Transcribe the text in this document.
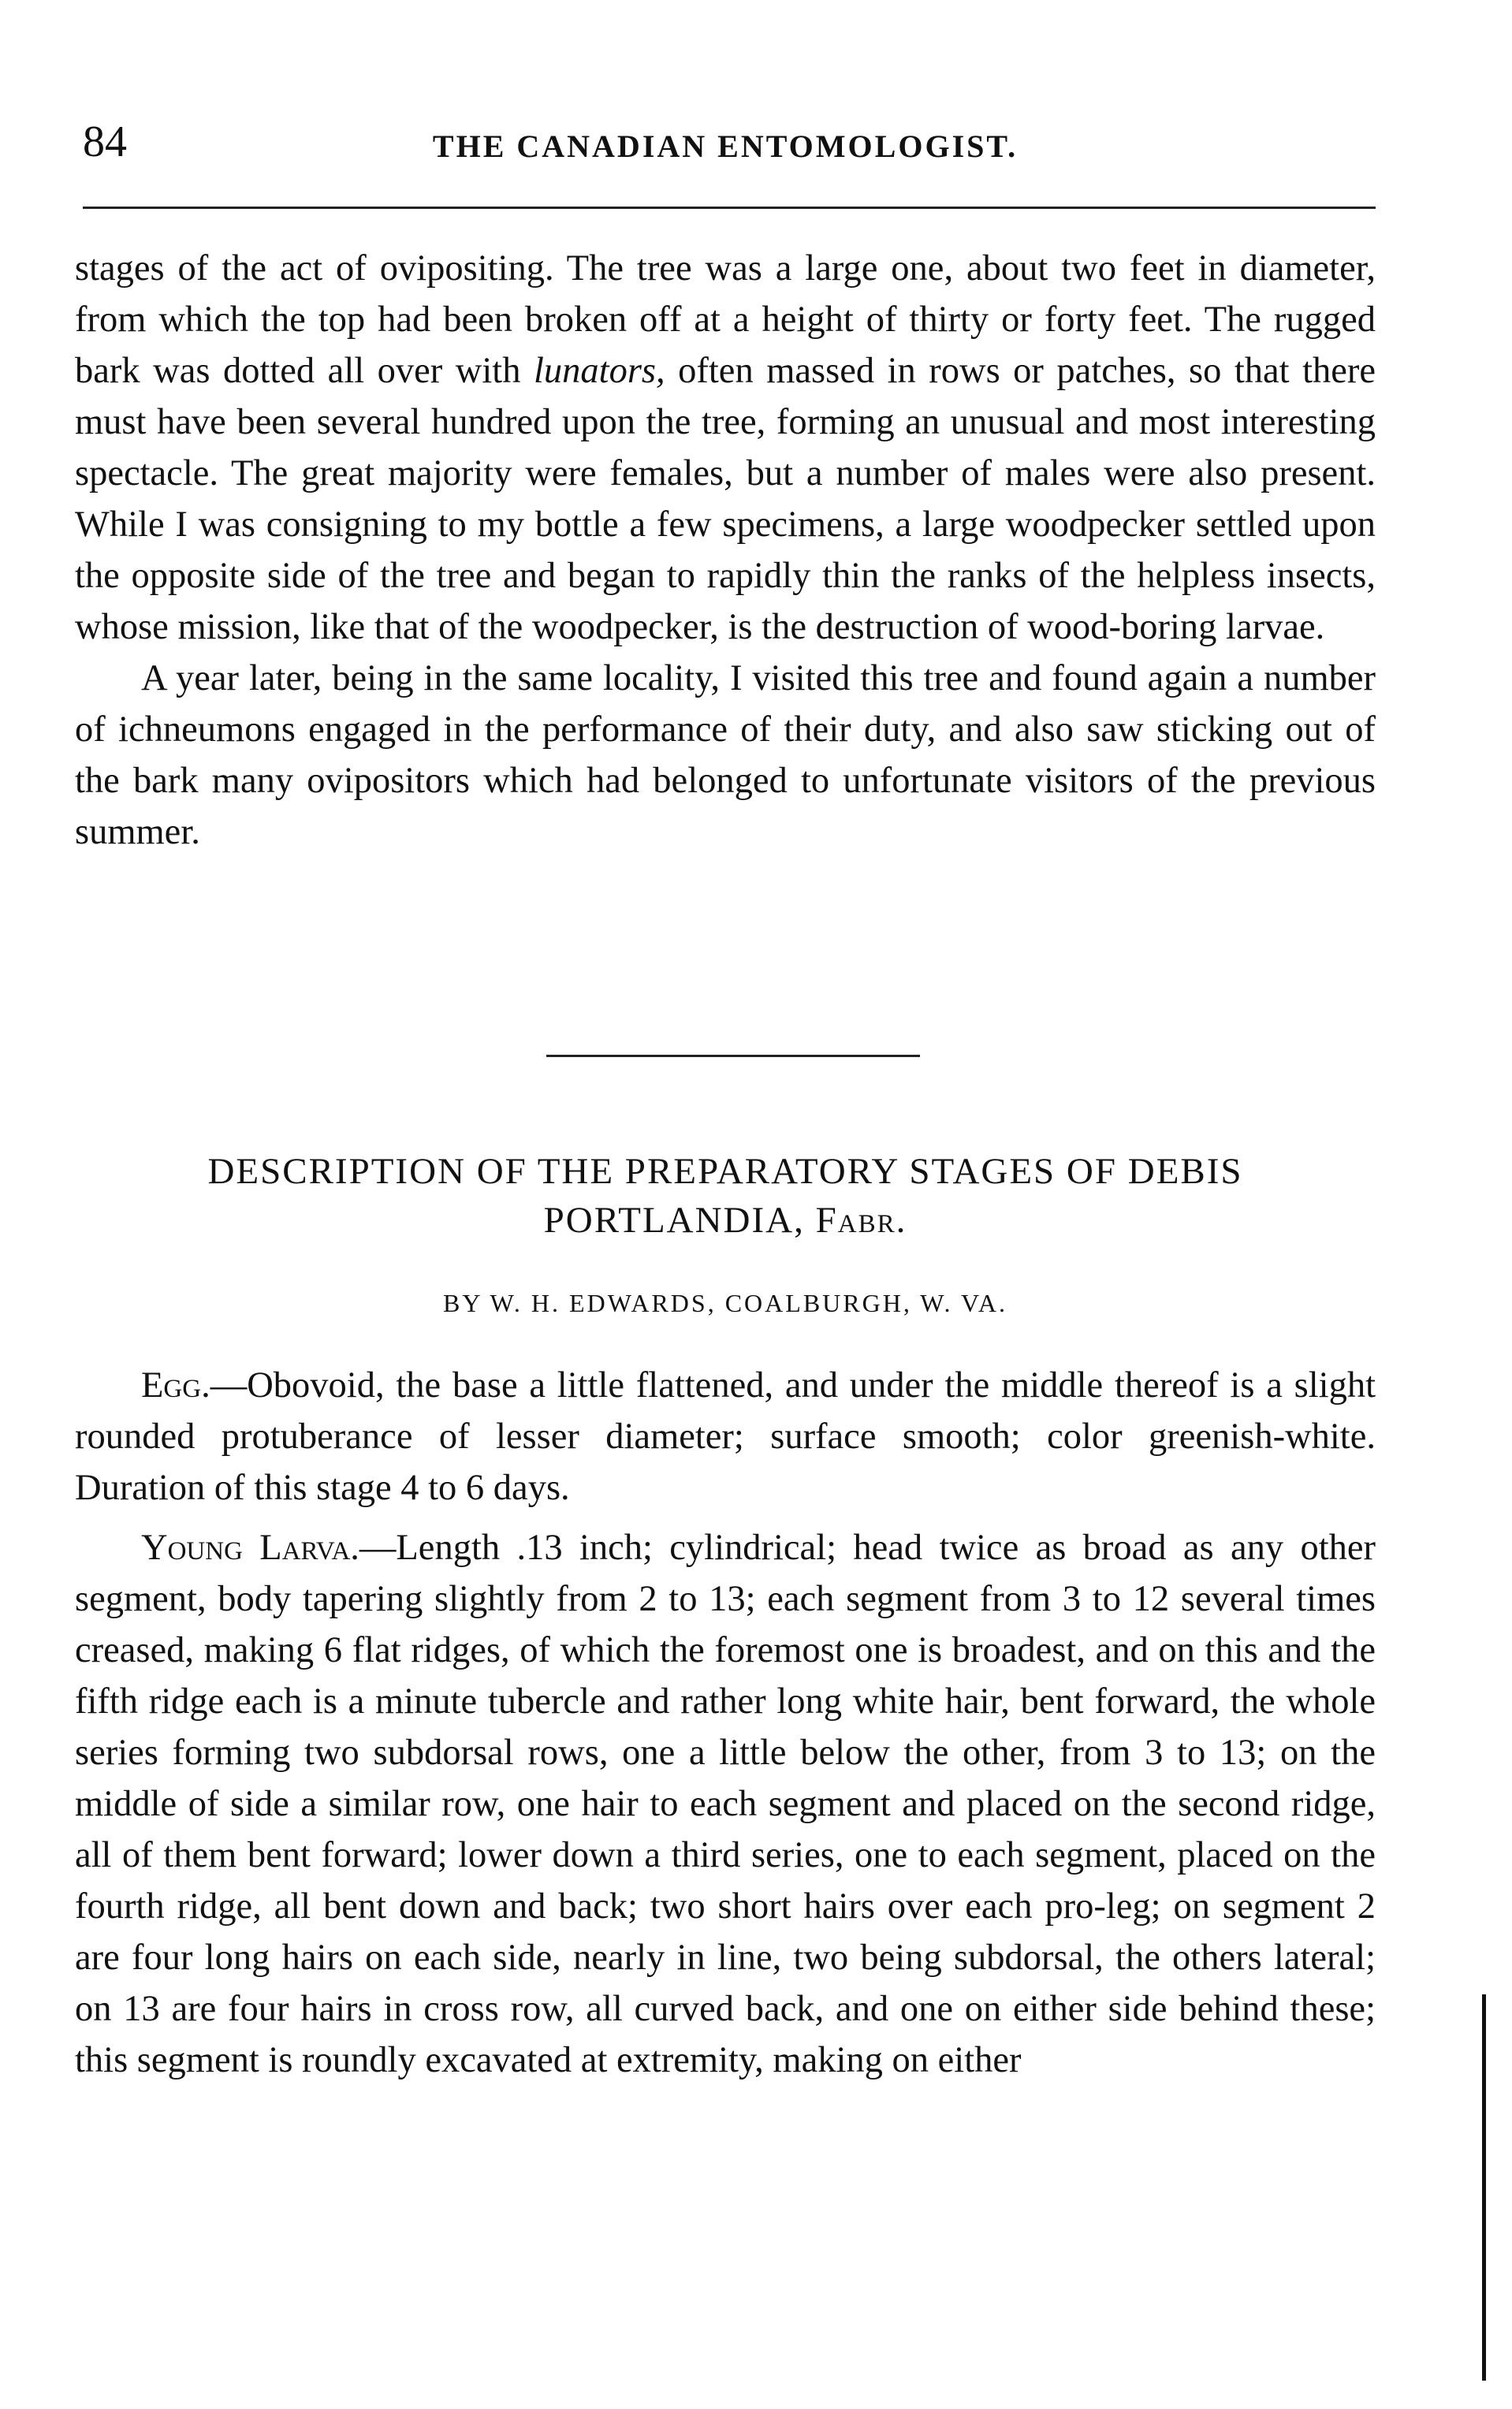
84	THE CANADIAN ENTOMOLOGIST.

stages of the act of ovipositing. The tree was a large one, about two feet in diameter, from which the top had been broken off at a height of thirty or forty feet. The rugged bark was dotted all over with lunators, often massed in rows or patches, so that there must have been several hundred upon the tree, forming an unusual and most interesting spectacle. The great majority were females, but a number of males were also present. While I was consigning to my bottle a few specimens, a large woodpecker settled upon the opposite side of the tree and began to rapidly thin the ranks of the helpless insects, whose mission, like that of the woodpecker, is the destruction of wood-boring larvae.

A year later, being in the same locality, I visited this tree and found again a number of ichneumons engaged in the performance of their duty, and also saw sticking out of the bark many ovipositors which had belonged to unfortunate visitors of the previous summer.

DESCRIPTION OF THE PREPARATORY STAGES OF DEBIS
PORTLANDIA, Fabr.
BY W. H. EDWARDS, COALBURGH, W. VA.

Egg.—Obovoid, the base a little flattened, and under the middle thereof is a slight rounded protuberance of lesser diameter; surface smooth; color greenish-white. Duration of this stage 4 to 6 days.

Young Larva.—Length .13 inch; cylindrical; head twice as broad as any other segment, body tapering slightly from 2 to 13; each segment from 3 to 12 several times creased, making 6 flat ridges, of which the foremost one is broadest, and on this and the fifth ridge each is a minute tubercle and rather long white hair, bent forward, the whole series forming two subdorsal rows, one a little below the other, from 3 to 13; on the middle of side a similar row, one hair to each segment and placed on the second ridge, all of them bent forward; lower down a third series, one to each segment, placed on the fourth ridge, all bent down and back; two short hairs over each pro-leg; on segment 2 are four long hairs on each side, nearly in line, two being subdorsal, the others lateral; on 13 are four hairs in cross row, all curved back, and one on either side behind these; this segment is roundly excavated at extremity, making on either
